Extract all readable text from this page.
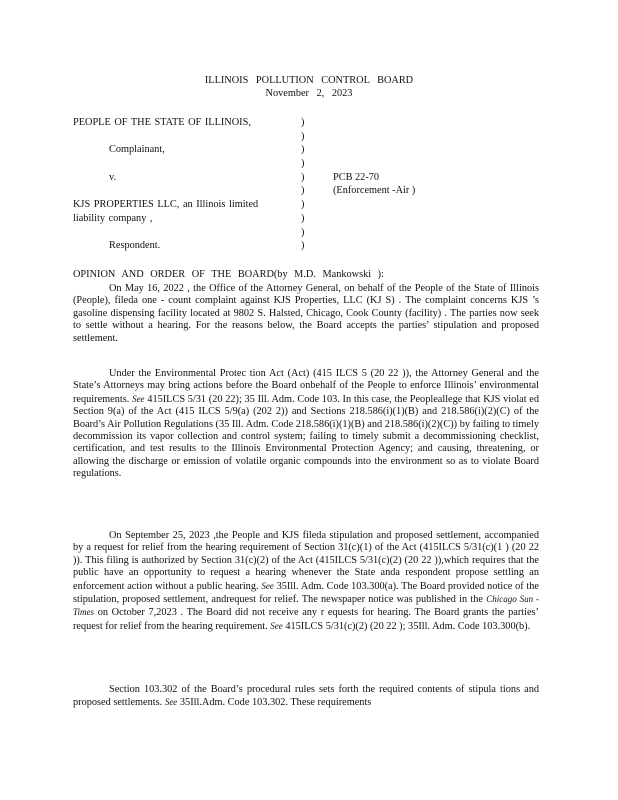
ILLINOIS POLLUTION CONTROL BOARD
November 2, 2023
PEOPLE OF THE STATE OF ILLINOIS,
Complainant,
v.
KJS PROPERTIES LLC, an Illinois limited
liability company ,
Respondent.
)
)
)
)
)
)
)
)
)
)
PCB 22-70
(Enforcement -Air )
OPINION AND ORDER OF THE BOARD(by M.D. Mankowski ):

On May 16, 2022 , the Office of the Attorney General, on behalf of the People of the State of Illinois (People), fileda one - count complaint against KJS Properties, LLC (KJ S) . The complaint concerns KJS ’s gasoline dispensing facility located at 9802 S. Halsted, Chicago, Cook County (facility) . The parties now seek to settle without a hearing. For the reasons below, the Board accepts the parties’ stipulation and proposed settlement.

Under the Environmental Protec tion Act (Act) (415 ILCS 5 (20 22 )), the Attorney General and the State’s Attorneys may bring actions before the Board onbehalf of the People to enforce Illinois’ environmental requirements. See 415ILCS 5/31 (20 22); 35 Ill. Adm. Code 103. In this case, the Peopleallege that KJS violat ed Section 9(a) of the Act (415 ILCS 5/9(a) (202 2)) and Sections 218.586(i)(1)(B) and 218.586(i)(2)(C) of the Board’s Air Pollution Regulations (35 Ill. Adm. Code 218.586(i)(1)(B) and 218.586(i)(2)(C)) by failing to timely decommission its vapor collection and control system; failing to timely submit a decommissioning checklist, certification, and test results to the Illinois Environmental Protection Agency; and causing, threatening, or allowing the discharge or emission of volatile organic compounds into the environment so as to violate Board regulations.

On September 25, 2023 ,the People and KJS fileda stipulation and proposed settlement, accompanied by a request for relief from the hearing requirement of Section 31(c)(1) of the Act (415ILCS 5/31(c)(1 ) (20 22 )). This filing is authorized by Section 31(c)(2) of the Act (415ILCS 5/31(c)(2) (20 22 )),which requires that the public have an opportunity to request a hearing whenever the State anda respondent propose settling an enforcement action without a public hearing. See 35Ill. Adm. Code 103.300(a). The Board provided notice of the stipulation, proposed settlement, andrequest for relief. The newspaper notice was published in the Chicago Sun - Times on October 7,2023 . The Board did not receive any r equests for hearing. The Board grants the parties’ request for relief from the hearing requirement. See 415ILCS 5/31(c)(2) (20 22 ); 35Ill. Adm. Code 103.300(b).

Section 103.302 of the Board’s procedural rules sets forth the required contents of stipula tions and proposed settlements. See 35Ill.Adm. Code 103.302. These requirements
